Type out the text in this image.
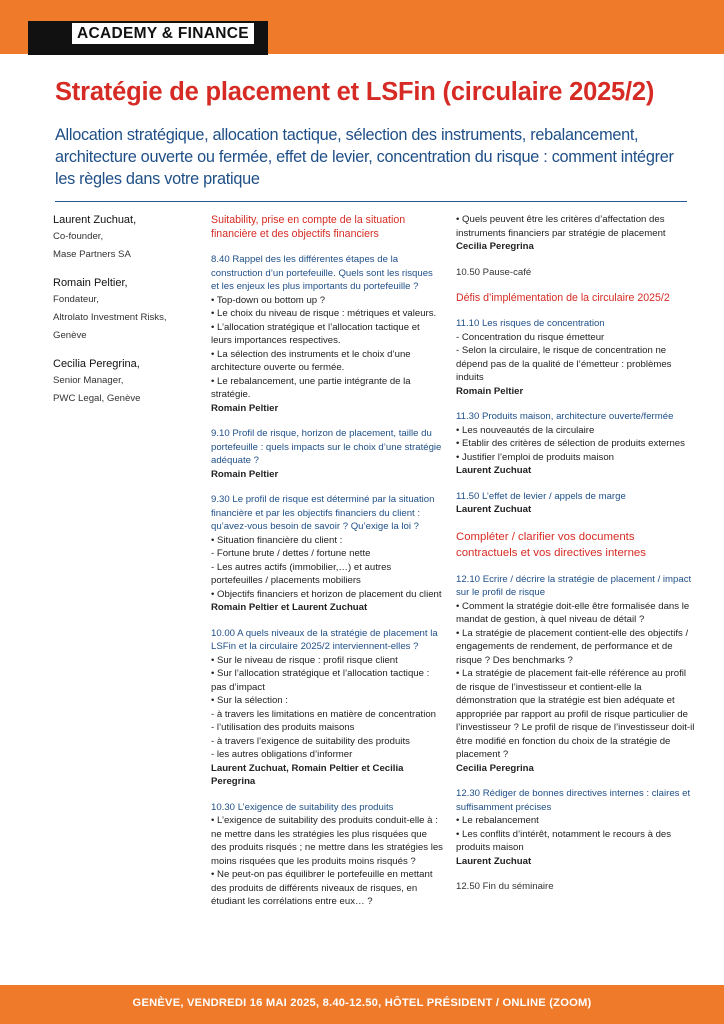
ACADEMY & FINANCE
Stratégie de placement et LSFin (circulaire 2025/2)

Allocation stratégique, allocation tactique, sélection des instruments, rebalancement, architecture ouverte ou fermée, effet de levier, concentration du risque : comment intégrer les règles dans votre pratique

Laurent Zuchuat,
Co-founder,
Mase Partners SA
Romain Peltier,
Fondateur,
Altrolato Investment Risks,
Genève
Cecilia Peregrina,
Senior Manager,
PWC Legal, Genève
Suitability, prise en compte de la situation financière et des objectifs financiers
8.40 Rappel des les différentes étapes de la construction d’un portefeuille. Quels sont les risques et les enjeux les plus importants du portefeuille ?
• Top-down ou bottom up ?
• Le choix du niveau de risque : métriques et valeurs.
• L’allocation stratégique et l’allocation tactique et leurs importances respectives.
• La sélection des instruments et le choix d’une architecture ouverte ou fermée.
• Le rebalancement, une partie intégrante de la stratégie.
Romain Peltier
9.10 Profil de risque, horizon de placement, taille du portefeuille : quels impacts sur le choix d’une stratégie adéquate ?
Romain Peltier
9.30 Le profil de risque est déterminé par la situation financière et par les objectifs financiers du client : qu’avez-vous besoin de savoir ? Qu’exige la loi ?
• Situation financière du client :
- Fortune brute / dettes / fortune nette
- Les autres actifs (immobilier,…) et autres portefeuilles / placements mobiliers
• Objectifs financiers et horizon de placement du client
Romain Peltier et Laurent Zuchuat
10.00 A quels niveaux de la stratégie de placement la LSFin et la circulaire 2025/2 interviennent-elles ?
• Sur le niveau de risque : profil risque client
• Sur l’allocation stratégique et l’allocation tactique : pas d’impact
• Sur la sélection :
- à travers les limitations en matière de concentration
- l’utilisation des produits maisons
- à travers l’exigence de suitability des produits
- les autres obligations d’informer
Laurent Zuchuat, Romain Peltier et Cecilia Peregrina
10.30 L’exigence de suitability des produits
• L’exigence de suitability des produits conduit-elle à : ne mettre dans les stratégies les plus risquées que des produits risqués ; ne mettre dans les stratégies les moins risquées que les produits moins risqués ?
• Ne peut-on pas équilibrer le portefeuille en mettant des produits de différents niveaux de risques, en étudiant les corrélations entre eux… ?
• Quels peuvent être les critères d’affectation des instruments financiers par stratégie de placement
Cecilia Peregrina
10.50 Pause-café
Défis d’implémentation de la circulaire 2025/2
11.10 Les risques de concentration
- Concentration du risque émetteur
- Selon la circulaire, le risque de concentration ne dépend pas de la qualité de l’émetteur : problèmes induits
Romain Peltier
11.30 Produits maison, architecture ouverte/fermée
• Les nouveautés de la circulaire
• Etablir des critères de sélection de produits externes
• Justifier l’emploi de produits maison
Laurent Zuchuat
11.50 L’effet de levier / appels de marge
Laurent Zuchuat
Compléter / clarifier vos documents contractuels et vos directives internes
12.10 Ecrire / décrire la stratégie de placement / impact sur le profil de risque
• Comment la stratégie doit-elle être formalisée dans le mandat de gestion, à quel niveau de détail ?
• La stratégie de placement contient-elle des objectifs / engagements de rendement, de performance et de risque ? Des benchmarks ?
• La stratégie de placement fait-elle référence au profil de risque de l’investisseur et contient-elle la démonstration que la stratégie est bien adéquate et appropriée par rapport au profil de risque particulier de l’investisseur ? Le profil de risque de l’investisseur doit-il être modifié en fonction du choix de la stratégie de placement ?
Cecilia Peregrina
12.30 Rédiger de bonnes directives internes : claires et suffisamment précises
• Le rebalancement
• Les conflits d’intérêt, notamment le recours à des produits maison
Laurent Zuchuat
12.50 Fin du séminaire
GENÈVE, VENDREDI 16 MAI 2025, 8.40-12.50, HÔTEL PRÉSIDENT / ONLINE (ZOOM)
